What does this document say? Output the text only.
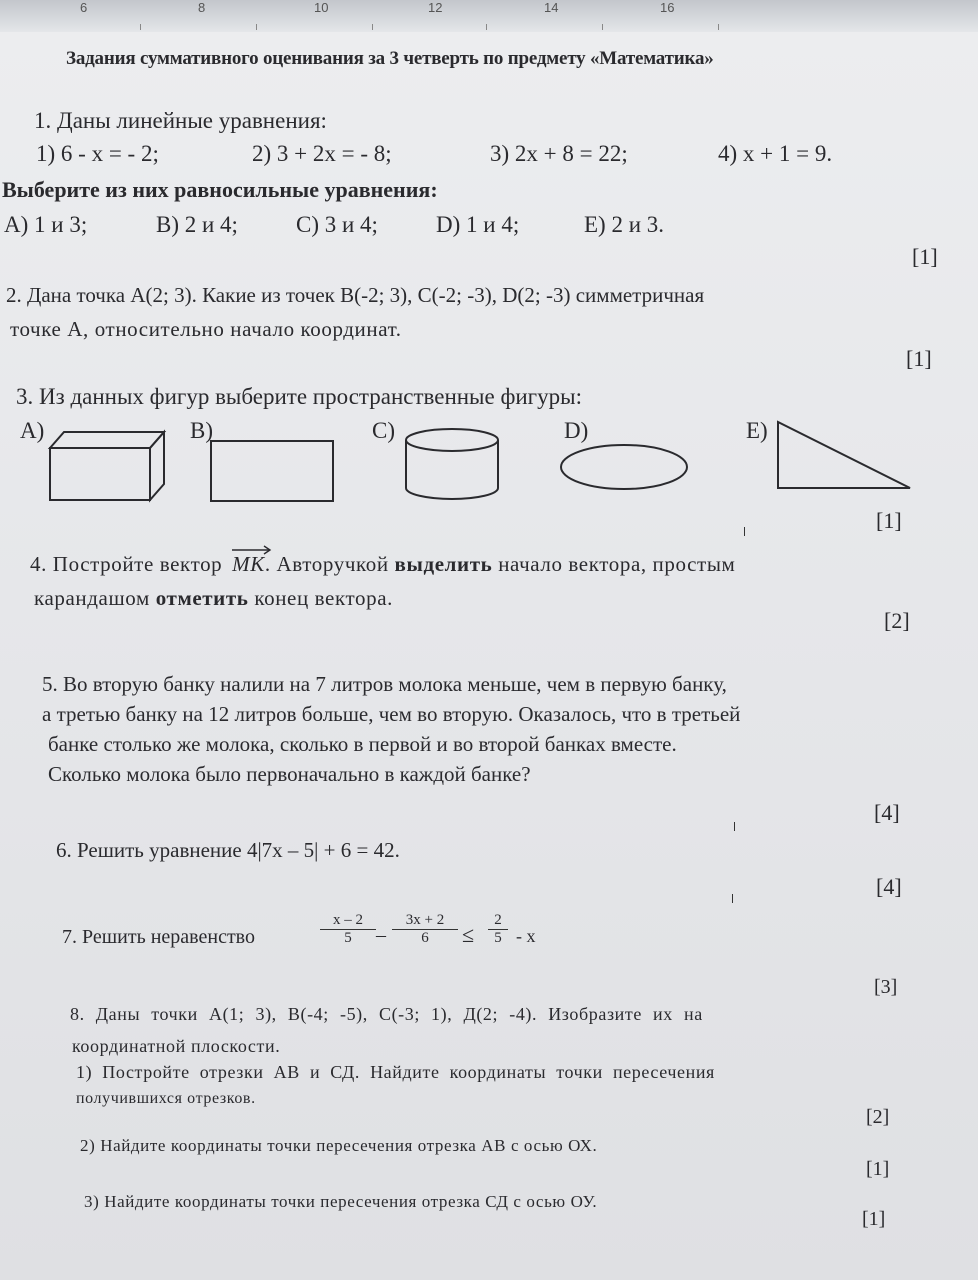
6	8	10	12	14	16
Задания суммативного оценивания за 3 четверть по предмету «Математика»
1. Даны линейные уравнения:
1) 6 - x = - 2;	2) 3 + 2x = - 8;	3) 2x + 8 = 22;	4) x + 1 = 9.
Выберите из них равносильные уравнения:
A) 1 и 3;	B) 2 и 4;	C) 3 и 4;	D) 1 и 4;	E) 2 и 3.
[1]
2. Дана точка A(2; 3). Какие из точек B(-2; 3), C(-2; -3), D(2; -3) симметричная
точке А, относительно начало координат.
[1]
3. Из данных фигур выберите пространственные фигуры:
A)	B)	C)	D)	E)
[1]
4. Постройте вектор MK
. Авторучкой выделить начало вектора, простым
карандашом отметить конец вектора.
[2]
5. Во вторую банку налили на 7 литров молока меньше, чем в первую банку,
а третью банку на 12 литров больше, чем во вторую. Оказалось, что в третьей
банке столько же молока, сколько в первой и во второй банках вместе.
Сколько молока было первоначально в каждой банке?
[4]
6. Решить уравнение 4|7x – 5| + 6 = 42.
[4]
7. Решить неравенство	$\frac{x - 2}{5} - \frac{3x + 2}{6} \le \frac{2}{5} - x$
[3]
8. Даны точки A(1; 3), B(-4; -5), C(-3; 1), Д(2; -4). Изобразите их на
координатной плоскости.
1) Постройте отрезки АВ и СД. Найдите координаты точки пересечения
получившихся отрезков.
[2]
2) Найдите координаты точки пересечения отрезка АВ с осью ОХ.
[1]
3) Найдите координаты точки пересечения отрезка СД с осью ОУ.
[1]
